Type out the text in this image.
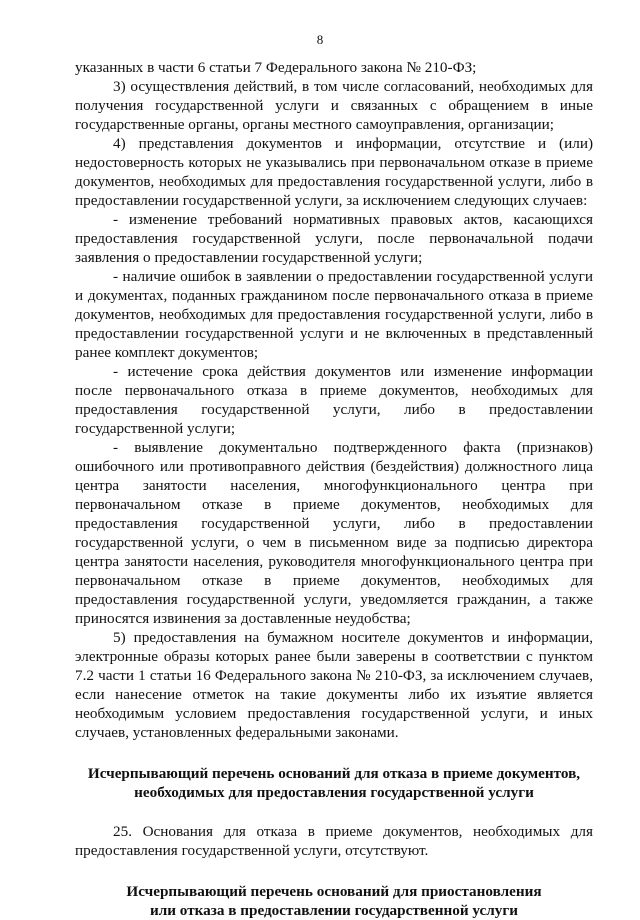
8

указанных в части 6 статьи 7 Федерального закона № 210-ФЗ;

3) осуществления действий, в том числе согласований, необходимых для получения государственной услуги и связанных с обращением в иные государственные органы, органы местного самоуправления, организации;

4) представления документов и информации, отсутствие и (или) недостоверность которых не указывались при первоначальном отказе в приеме документов, необходимых для предоставления государственной услуги, либо в предоставлении государственной услуги, за исключением следующих случаев:

- изменение требований нормативных правовых актов, касающихся предоставления государственной услуги, после первоначальной подачи заявления о предоставлении государственной услуги;

- наличие ошибок в заявлении о предоставлении государственной услуги и документах, поданных гражданином после первоначального отказа в приеме документов, необходимых для предоставления государственной услуги, либо в предоставлении государственной услуги и не включенных в представленный ранее комплект документов;

- истечение срока действия документов или изменение информации после первоначального отказа в приеме документов, необходимых для предоставления государственной услуги, либо в предоставлении государственной услуги;

- выявление документально подтвержденного факта (признаков) ошибочного или противоправного действия (бездействия) должностного лица центра занятости населения, многофункционального центра при первоначальном отказе в приеме документов, необходимых для предоставления государственной услуги, либо в предоставлении государственной услуги, о чем в письменном виде за подписью директора центра занятости населения, руководителя многофункционального центра при первоначальном отказе в приеме документов, необходимых для предоставления государственной услуги, уведомляется гражданин, а также приносятся извинения за доставленные неудобства;

5) предоставления на бумажном носителе документов и информации, электронные образы которых ранее были заверены в соответствии с пунктом 7.2 части 1 статьи 16 Федерального закона № 210-ФЗ, за исключением случаев, если нанесение отметок на такие документы либо их изъятие является необходимым условием предоставления государственной услуги, и иных случаев, установленных федеральными законами.

Исчерпывающий перечень оснований для отказа в приеме документов,
необходимых для предоставления государственной услуги

25. Основания для отказа в приеме документов, необходимых для предоставления государственной услуги, отсутствуют.

Исчерпывающий перечень оснований для приостановления
или отказа в предоставлении государственной услуги
